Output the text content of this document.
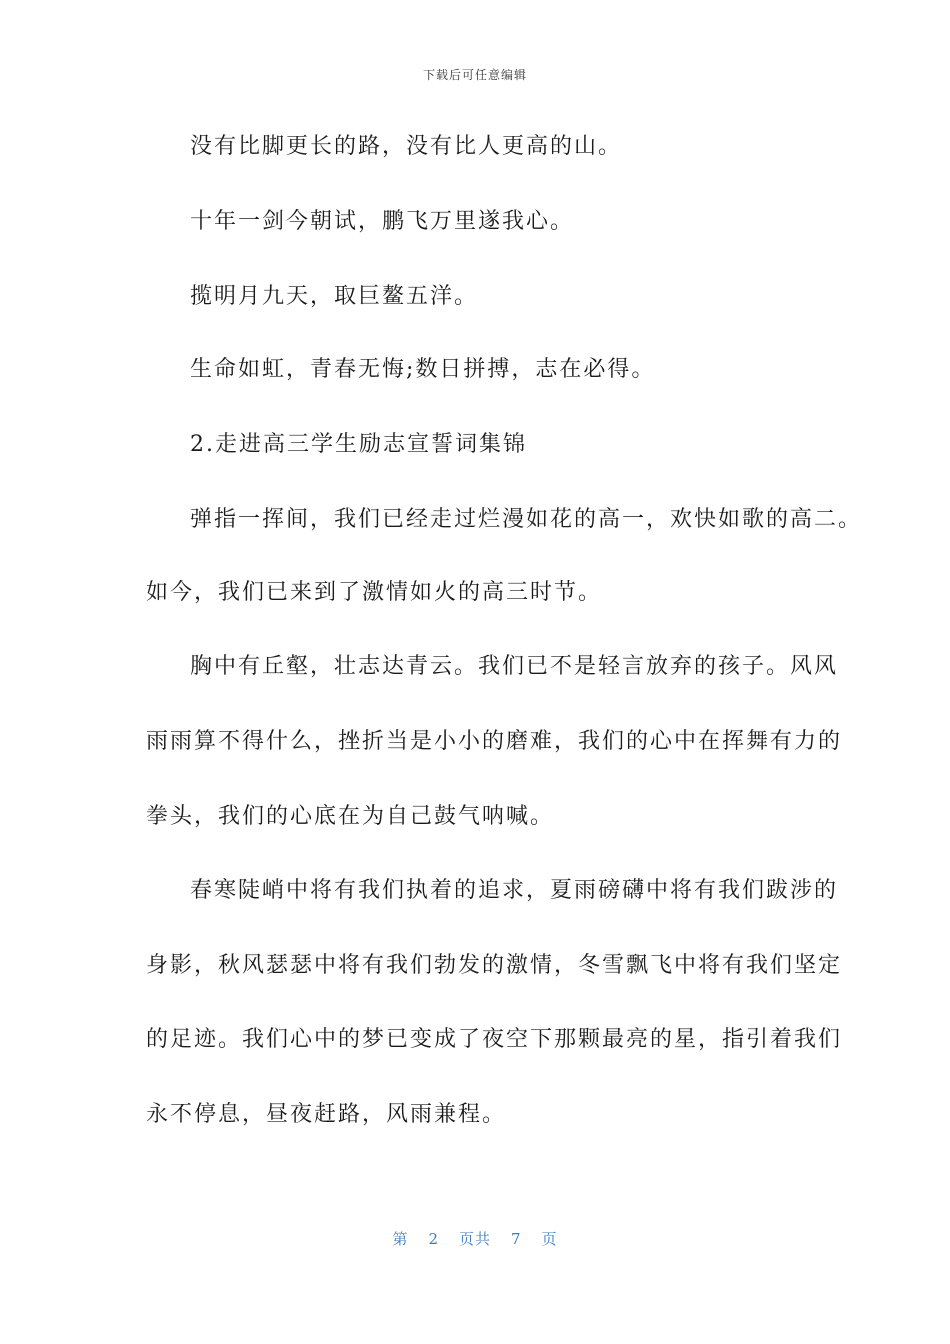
下载后可任意编辑
没有比脚更长的路，没有比人更高的山。
十年一剑今朝试，鹏飞万里遂我心。
揽明月九天，取巨鳌五洋。
生命如虹，青春无悔;数日拼搏，志在必得。
2.走进高三学生励志宣誓词集锦
弹指一挥间，我们已经走过烂漫如花的高一，欢快如歌的高二。
如今，我们已来到了激情如火的高三时节。
胸中有丘壑，壮志达青云。我们已不是轻言放弃的孩子。风风
雨雨算不得什么，挫折当是小小的磨难，我们的心中在挥舞有力的
拳头，我们的心底在为自己鼓气呐喊。
春寒陡峭中将有我们执着的追求，夏雨磅礴中将有我们跋涉的
身影，秋风瑟瑟中将有我们勃发的激情，冬雪飘飞中将有我们坚定
的足迹。我们心中的梦已变成了夜空下那颗最亮的星，指引着我们
永不停息，昼夜赶路，风雨兼程。
第 2 页共 7 页
